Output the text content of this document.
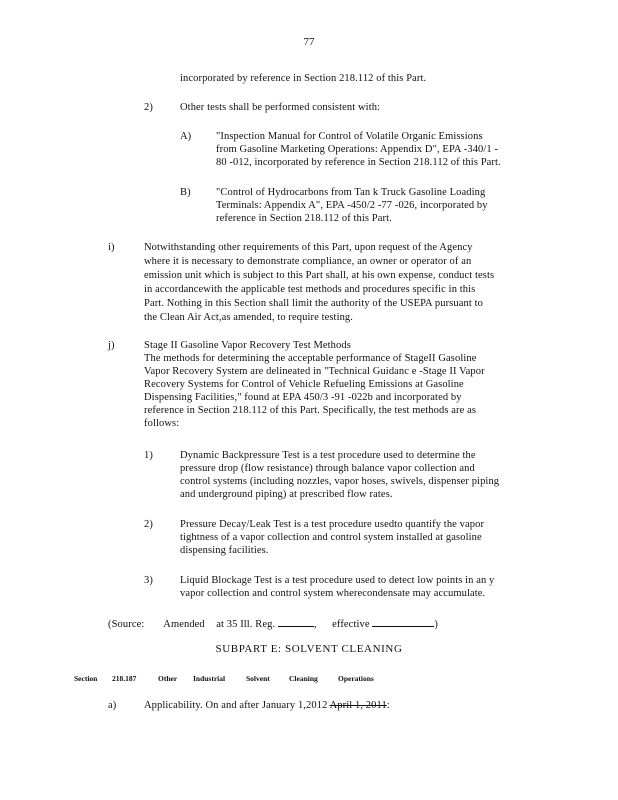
77
incorporated by reference in Section 218.112 of this Part.
2)	Other tests shall be performed consistent with:
A) "Inspection Manual for Control of Volatile Organic Emissions
from Gasoline Marketing Operations: Appendix D", EPA -340/1 -
80 -012, incorporated by reference in Section 218.112 of this Part.
B) "Control of Hydrocarbons from Tan k Truck Gasoline Loading
Terminals: Appendix A", EPA -450/2 -77 -026, incorporated by
reference in Section 218.112 of this Part.
i)	Notwithstanding other requirements of this Part, upon request of the Agency
where it is necessary to demonstrate compliance, an owner or operator of an
emission unit which is subject to this Part shall, at his own expense, conduct tests
in accordancewith the applicable test methods and procedures specific in this
Part. Nothing in this Section shall limit the authority of the USEPA pursuant to
the Clean Air Act,as amended, to require testing.
j)	Stage II Gasoline Vapor Recovery Test Methods
The methods for determining the acceptable performance of StageII Gasoline
Vapor Recovery System are delineated in "Technical Guidanc e -Stage II Vapor
Recovery Systems for Control of Vehicle Refueling Emissions at Gasoline
Dispensing Facilities," found at EPA 450/3 -91 -022b and incorporated by
reference in Section 218.112 of this Part. Specifically, the test methods are as
follows:
1)	Dynamic Backpressure Test is a test procedure used to determine the
pressure drop (flow resistance) through balance vapor collection and
control systems (including nozzles, vapor hoses, swivels, dispenser piping
and underground piping) at prescribed flow rates.
2)	Pressure Decay/Leak Test is a test procedure usedto quantify the vapor
tightness of a vapor collection and control system installed at gasoline
dispensing facilities.
3)	Liquid Blockage Test is a test procedure used to detect low points in an y
vapor collection and control system wherecondensate may accumulate.
(Source: Amended at 35 Ill. Reg.	, effective	)
SUBPART E: SOLVENT CLEANING
Section 218.187	Other Industrial	Solvent	Cleaning	Operations
a)	Applicability. On and after January 1,2012 April 1, 2011:
